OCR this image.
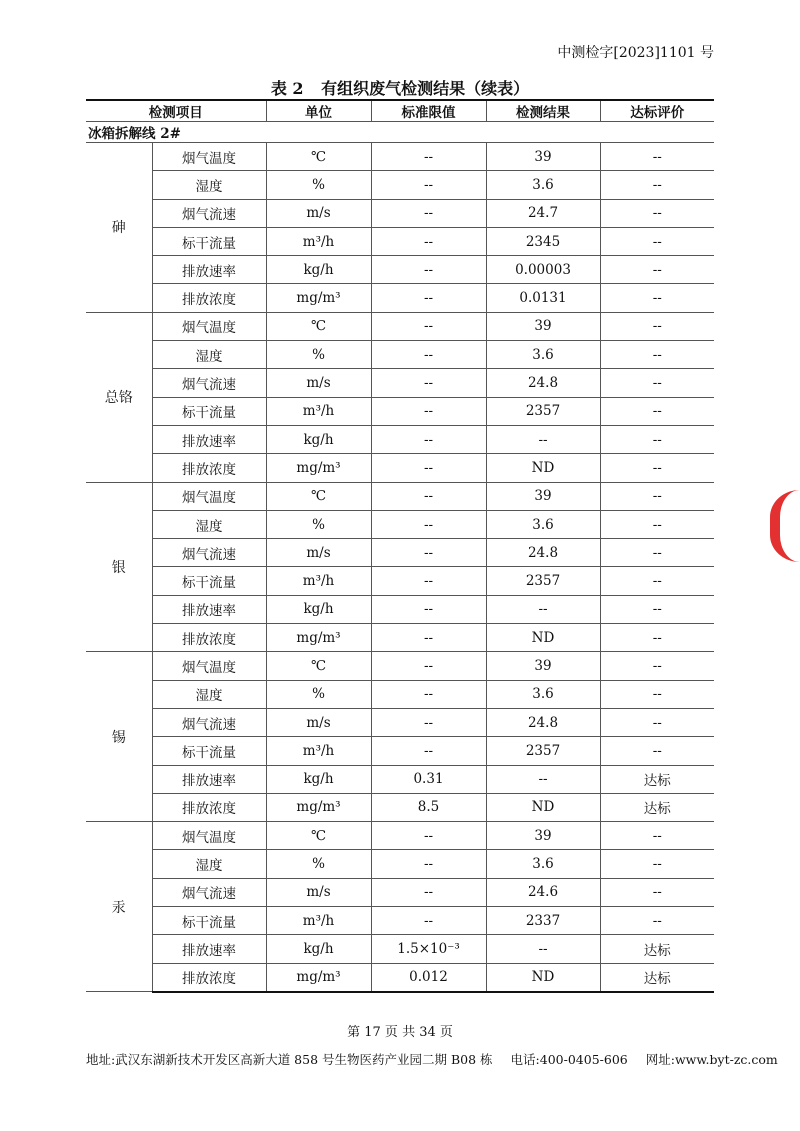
中测检字[2023]1101 号
表 2 有组织废气检测结果（续表）
检测项目		单位	标准限值	检测结果	达标评价
冰箱拆解线 2#					
砷	烟气温度	℃	--	39	--
	湿度	%	--	3.6	--
	烟气流速	m/s	--	24.7	--
	标干流量	m³/h	--	2345	--
	排放速率	kg/h	--	0.00003	--
	排放浓度	mg/m³	--	0.0131	--
总铬	烟气温度	℃	--	39	--
	湿度	%	--	3.6	--
	烟气流速	m/s	--	24.8	--
	标干流量	m³/h	--	2357	--
	排放速率	kg/h	--	--	--
	排放浓度	mg/m³	--	ND	--
银	烟气温度	℃	--	39	--
	湿度	%	--	3.6	--
	烟气流速	m/s	--	24.8	--
	标干流量	m³/h	--	2357	--
	排放速率	kg/h	--	--	--
	排放浓度	mg/m³	--	ND	--
锡	烟气温度	℃	--	39	--
	湿度	%	--	3.6	--
	烟气流速	m/s	--	24.8	--
	标干流量	m³/h	--	2357	--
	排放速率	kg/h	0.31	--	达标
	排放浓度	mg/m³	8.5	ND	达标
汞	烟气温度	℃	--	39	--
	湿度	%	--	3.6	--
	烟气流速	m/s	--	24.6	--
	标干流量	m³/h	--	2337	--
	排放速率	kg/h	1.5×10⁻³	--	达标
	排放浓度	mg/m³	0.012	ND	达标
第 17 页 共 34 页
地址:武汉东湖新技术开发区高新大道 858 号生物医药产业园二期 B08 栋 电话:400-0405-606 网址:www.byt-zc.com
